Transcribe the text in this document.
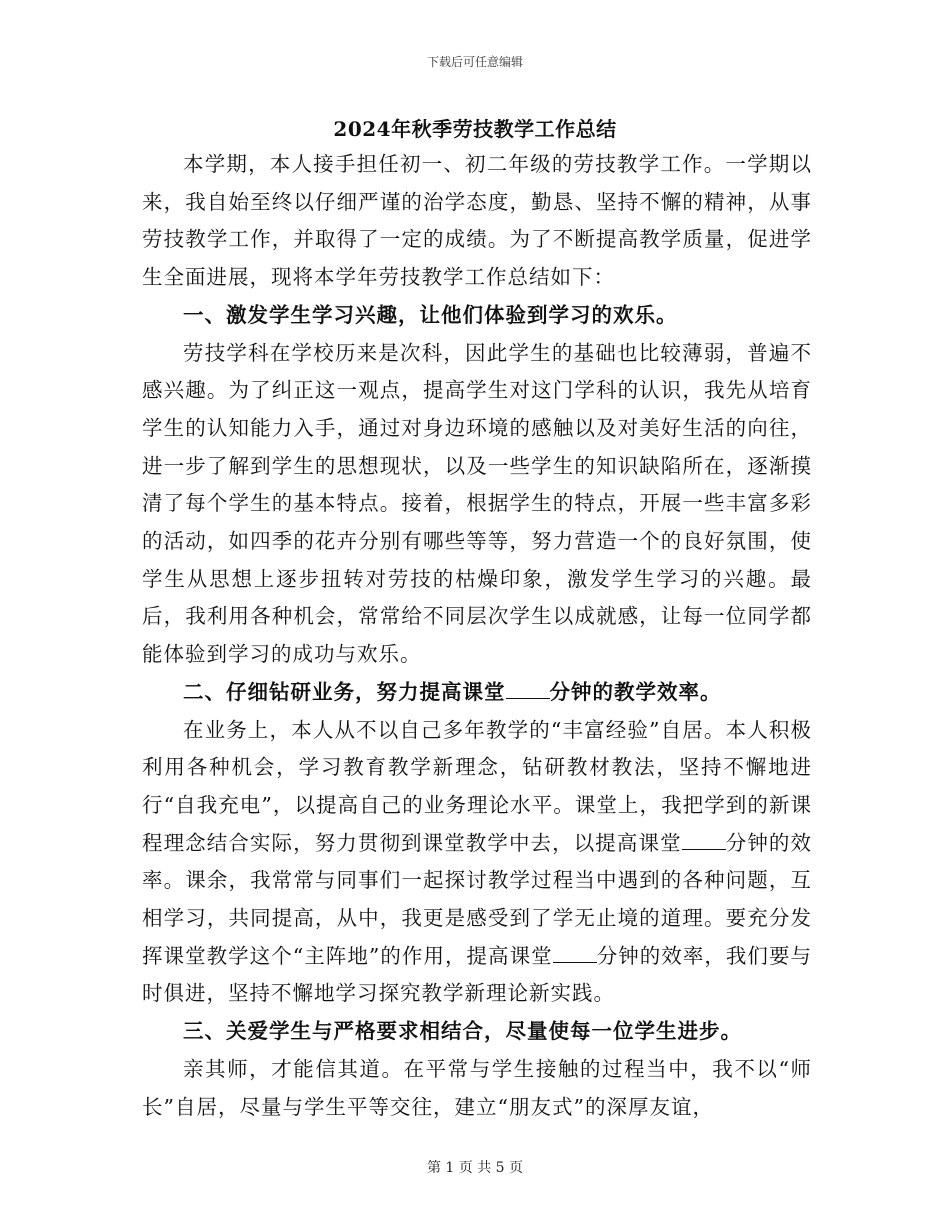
下载后可任意编辑
2024年秋季劳技教学工作总结

本学期，本人接手担任初一、初二年级的劳技教学工作。一学期以来，我自始至终以仔细严谨的治学态度，勤恳、坚持不懈的精神，从事劳技教学工作，并取得了一定的成绩。为了不断提高教学质量，促进学生全面进展，现将本学年劳技教学工作总结如下：

一、激发学生学习兴趣，让他们体验到学习的欢乐。

劳技学科在学校历来是次科，因此学生的基础也比较薄弱，普遍不感兴趣。为了纠正这一观点，提高学生对这门学科的认识，我先从培育学生的认知能力入手，通过对身边环境的感触以及对美好生活的向往，进一步了解到学生的思想现状，以及一些学生的知识缺陷所在，逐渐摸清了每个学生的基本特点。接着，根据学生的特点，开展一些丰富多彩的活动，如四季的花卉分别有哪些等等，努力营造一个的良好氛围，使学生从思想上逐步扭转对劳技的枯燥印象，激发学生学习的兴趣。最后，我利用各种机会，常常给不同层次学生以成就感，让每一位同学都能体验到学习的成功与欢乐。

二、仔细钻研业务，努力提高课堂 分钟的教学效率。

在业务上，本人从不以自己多年教学的“丰富经验”自居。本人积极利用各种机会，学习教育教学新理念，钻研教材教法，坚持不懈地进行“自我充电”，以提高自己的业务理论水平。课堂上，我把学到的新课程理念结合实际，努力贯彻到课堂教学中去，以提高课堂 分钟的效率。课余，我常常与同事们一起探讨教学过程当中遇到的各种问题，互相学习，共同提高，从中，我更是感受到了学无止境的道理。要充分发挥课堂教学这个“主阵地”的作用，提高课堂 分钟的效率，我们要与时俱进，坚持不懈地学习探究教学新理论新实践。

三、关爱学生与严格要求相结合，尽量使每一位学生进步。

亲其师，才能信其道。在平常与学生接触的过程当中，我不以“师长”自居，尽量与学生平等交往，建立“朋友式”的深厚友谊，

第 1 页 共 5 页
